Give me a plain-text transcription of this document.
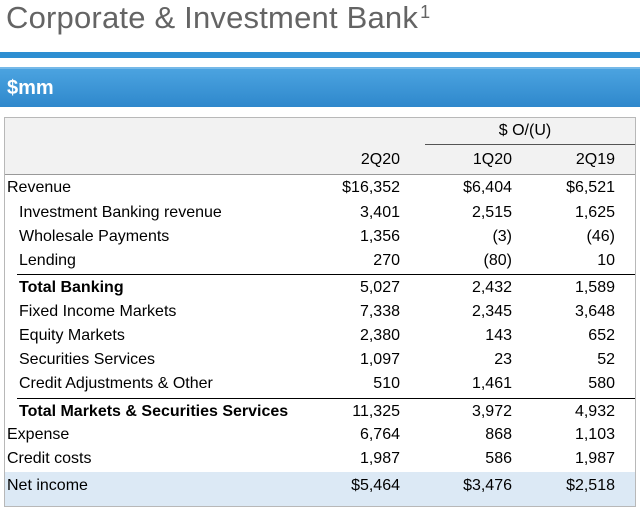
Corporate & Investment Bank $^1$
$mm
$ O/(U)
2Q20	1Q20	2Q19
Revenue	$16,352	$6,404	$6,521
Investment Banking revenue	3,401	2,515	1,625
Wholesale Payments	1,356	(3)	(46)
Lending	270	(80)	10
Total Banking	5,027	2,432	1,589
Fixed Income Markets	7,338	2,345	3,648
Equity Markets	2,380	143	652
Securities Services	1,097	23	52
Credit Adjustments & Other	510	1,461	580
Total Markets & Securities Services	11,325	3,972	4,932
Expense	6,764	868	1,103
Credit costs	1,987	586	1,987
Net income	$5,464	$3,476	$2,518
